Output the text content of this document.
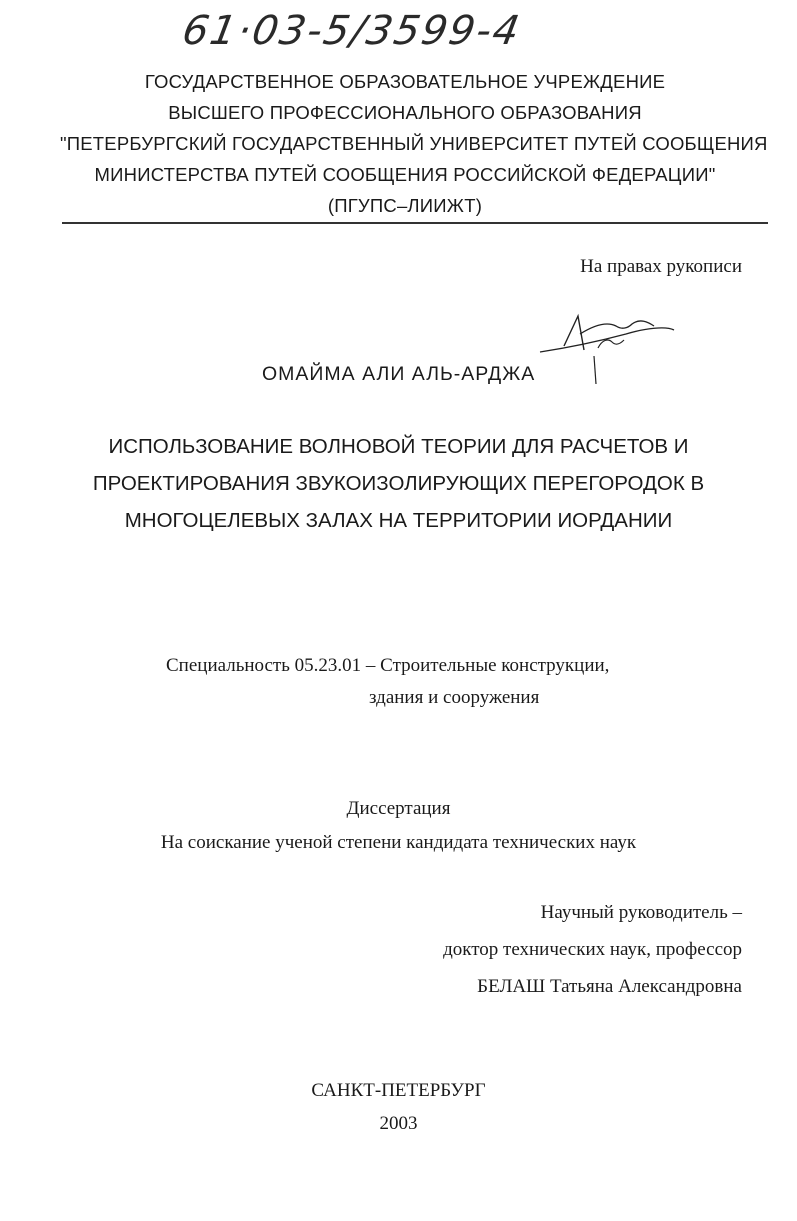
61·03-5/3599-4
ГОСУДАРСТВЕННОЕ ОБРАЗОВАТЕЛЬНОЕ УЧРЕЖДЕНИЕ
ВЫСШЕГО ПРОФЕССИОНАЛЬНОГО ОБРАЗОВАНИЯ
"ПЕТЕРБУРГСКИЙ ГОСУДАРСТВЕННЫЙ УНИВЕРСИТЕТ ПУТЕЙ СООБЩЕНИЯ
МИНИСТЕРСТВА ПУТЕЙ СООБЩЕНИЯ РОССИЙСКОЙ ФЕДЕРАЦИИ"
(ПГУПС–ЛИИЖТ)
На правах рукописи
ОМАЙМА АЛИ АЛЬ-АРДЖА
ИСПОЛЬЗОВАНИЕ ВОЛНОВОЙ ТЕОРИИ ДЛЯ РАСЧЕТОВ И
ПРОЕКТИРОВАНИЯ ЗВУКОИЗОЛИРУЮЩИХ ПЕРЕГОРОДОК В
МНОГОЦЕЛЕВЫХ ЗАЛАХ НА ТЕРРИТОРИИ ИОРДАНИИ
Специальность 05.23.01 – Строительные конструкции,
здания и сооружения
Диссертация
На соискание ученой степени кандидата технических наук
Научный руководитель –
доктор технических наук, профессор
БЕЛАШ Татьяна Александровна
САНКТ-ПЕТЕРБУРГ
2003
